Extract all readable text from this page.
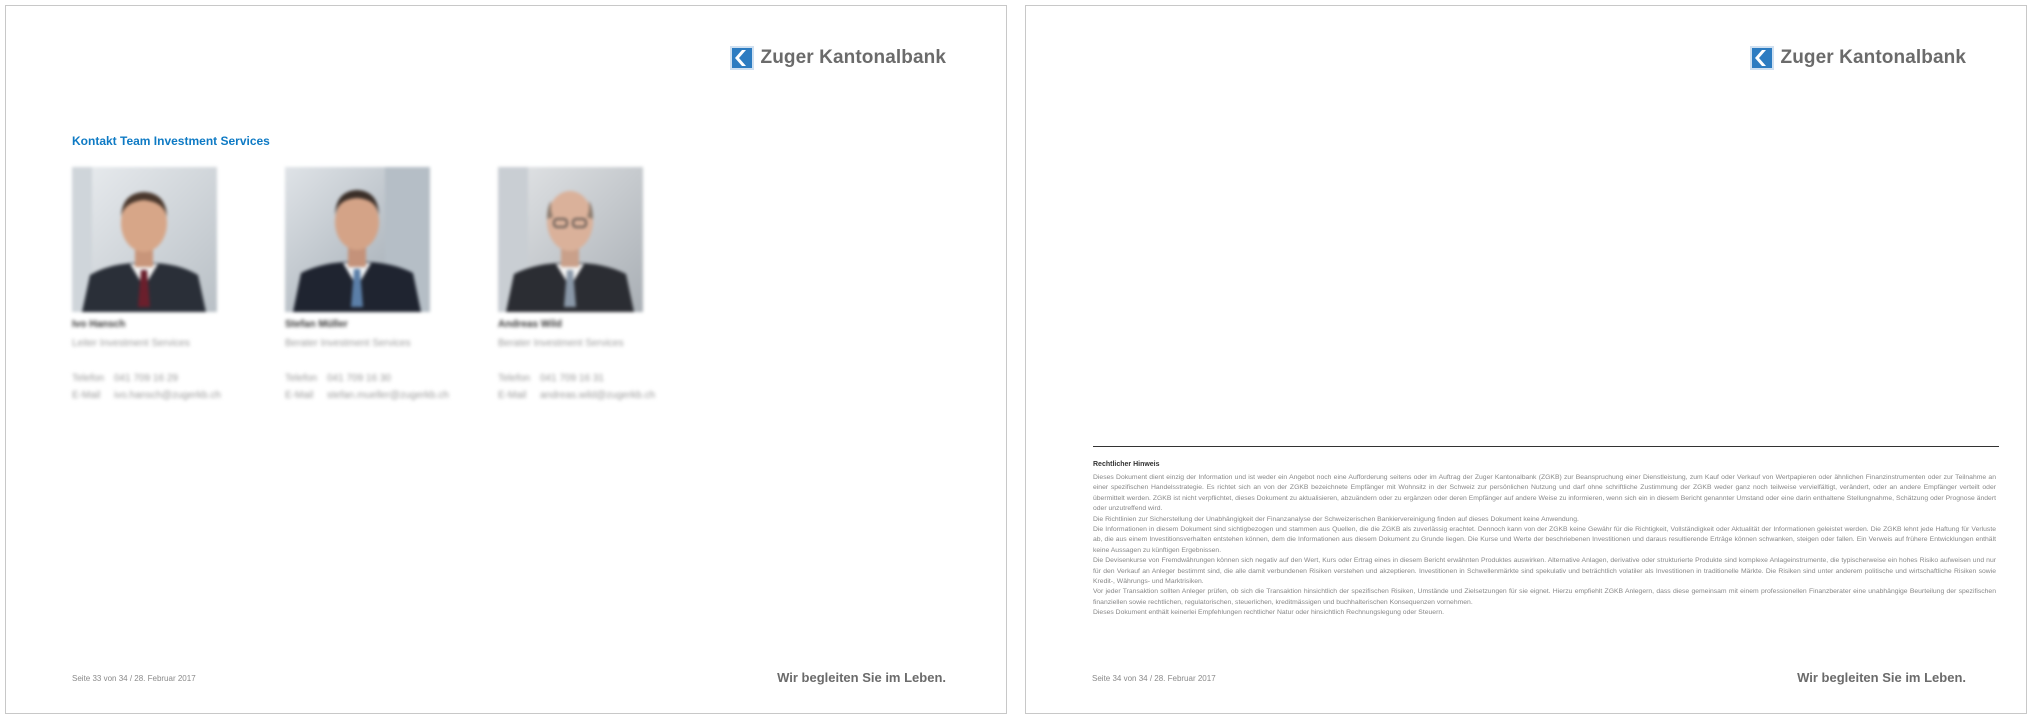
Zuger Kantonalbank
Kontakt Team Investment Services
Ivo Hansch
Leiter Investment Services
Telefon 041 709 16 29
E-Mail ivo.hansch@zugerkb.ch
Stefan Müller
Berater Investment Services
Telefon 041 709 16 30
E-Mail stefan.mueller@zugerkb.ch
Andreas Wild
Berater Investment Services
Telefon 041 709 16 31
E-Mail andreas.wild@zugerkb.ch
Seite 33 von 34 / 28. Februar 2017	Wir begleiten Sie im Leben.
Zuger Kantonalbank
Rechtlicher Hinweis

Dieses Dokument dient einzig der Information und ist weder ein Angebot noch eine Aufforderung seitens oder im Auftrag der Zuger Kantonalbank (ZGKB) zur Beanspruchung einer Dienstleistung, zum Kauf oder Verkauf von Wertpapieren oder ähnlichen Finanzinstrumenten oder zur Teilnahme an einer spezifischen Handelsstrategie. Es richtet sich an von der ZGKB bezeichnete Empfänger mit Wohnsitz in der Schweiz zur persönlichen Nutzung und darf ohne schriftliche Zustimmung der ZGKB weder ganz noch teilweise vervielfältigt, verändert, oder an andere Empfänger verteilt oder übermittelt werden. ZGKB ist nicht verpflichtet, dieses Dokument zu aktualisieren, abzuändern oder zu ergänzen oder deren Empfänger auf andere Weise zu informieren, wenn sich ein in diesem Bericht genannter Umstand oder eine darin enthaltene Stellungnahme, Schätzung oder Prognose ändert oder unzutreffend wird.

Die Richtlinien zur Sicherstellung der Unabhängigkeit der Finanzanalyse der Schweizerischen Bankiervereinigung finden auf dieses Dokument keine Anwendung.

Die Informationen in diesem Dokument sind sichtigbezogen und stammen aus Quellen, die die ZGKB als zuverlässig erachtet. Dennoch kann von der ZGKB keine Gewähr für die Richtigkeit, Vollständigkeit oder Aktualität der Informationen geleistet werden. Die ZGKB lehnt jede Haftung für Verluste ab, die aus einem Investitionsverhalten entstehen können, dem die Informationen aus diesem Dokument zu Grunde liegen. Die Kurse und Werte der beschriebenen Investitionen und daraus resultierende Erträge können schwanken, steigen oder fallen. Ein Verweis auf frühere Entwicklungen enthält keine Aussagen zu künftigen Ergebnissen.

Die Devisenkurse von Fremdwährungen können sich negativ auf den Wert, Kurs oder Ertrag eines in diesem Bericht erwähnten Produktes auswirken. Alternative Anlagen, derivative oder strukturierte Produkte sind komplexe Anlageinstrumente, die typischerweise ein hohes Risiko aufweisen und nur für den Verkauf an Anleger bestimmt sind, die alle damit verbundenen Risiken verstehen und akzeptieren. Investitionen in Schwellenmärkte sind spekulativ und beträchtlich volatiler als Investitionen in traditionelle Märkte. Die Risiken sind unter anderem politische und wirtschaftliche Risiken sowie Kredit-, Währungs- und Marktrisiken.

Vor jeder Transaktion sollten Anleger prüfen, ob sich die Transaktion hinsichtlich der spezifischen Risiken, Umstände und Zielsetzungen für sie eignet. Hierzu empfiehlt ZGKB Anlegern, dass diese gemeinsam mit einem professionellen Finanzberater eine unabhängige Beurteilung der spezifischen finanziellen sowie rechtlichen, regulatorischen, steuerlichen, kreditmässigen und buchhalterischen Konsequenzen vornehmen.

Dieses Dokument enthält keinerlei Empfehlungen rechtlicher Natur oder hinsichtlich Rechnungslegung oder Steuern.

Seite 34 von 34 / 28. Februar 2017	Wir begleiten Sie im Leben.
